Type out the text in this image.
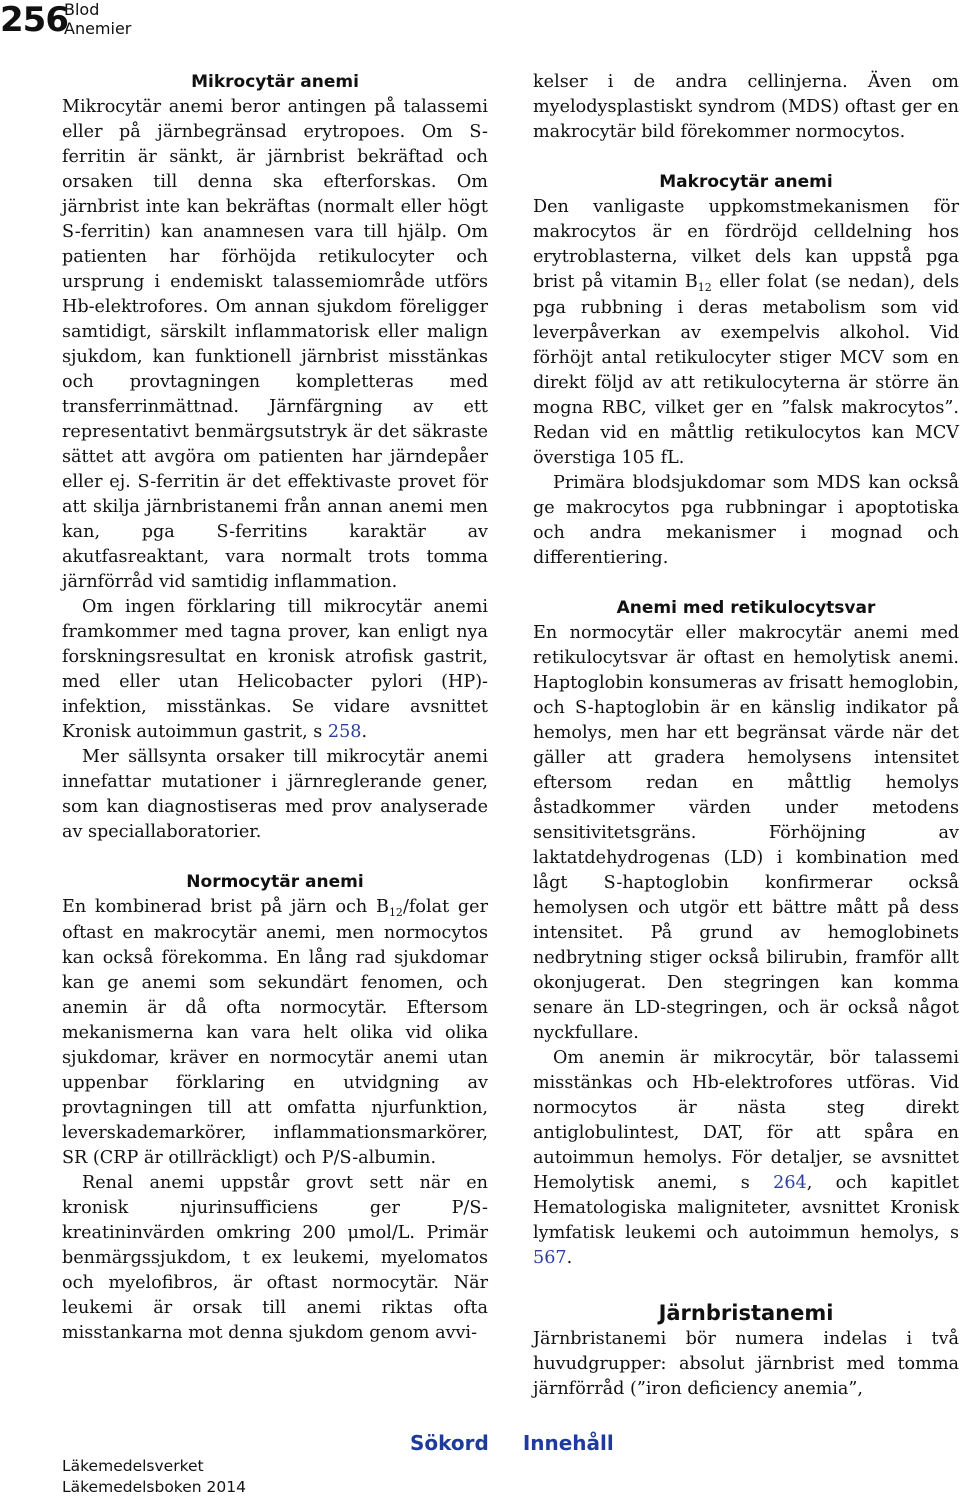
256
Blod
Anemier
Mikrocytär anemi

Mikrocytär anemi beror antingen på talassemi eller på järnbegränsad erytropoes. Om S-ferritin är sänkt, är järnbrist bekräftad och orsaken till denna ska efterforskas. Om järnbrist inte kan bekräftas (normalt eller högt S-ferritin) kan anamnesen vara till hjälp. Om patienten har förhöjda retikulocyter och ursprung i endemiskt talassemiområde utförs Hb-elektrofores. Om annan sjukdom föreligger samtidigt, särskilt inflammatorisk eller malign sjukdom, kan funktionell järnbrist misstänkas och provtagningen kompletteras med transferrinmättnad. Järnfärgning av ett representativt benmärgsutstryk är det säkraste sättet att avgöra om patienten har järndepåer eller ej. S-ferritin är det effektivaste provet för att skilja järnbristanemi från annan anemi men kan, pga S-ferritins karaktär av akutfasreaktant, vara normalt trots tomma järnförråd vid samtidig inflammation.

Om ingen förklaring till mikrocytär anemi framkommer med tagna prover, kan enligt nya forskningsresultat en kronisk atrofisk gastrit, med eller utan Helicobacter pylori (HP)-infektion, misstänkas. Se vidare avsnittet Kronisk autoimmun gastrit, s 258.

Mer sällsynta orsaker till mikrocytär anemi innefattar mutationer i järnreglerande gener, som kan diagnostiseras med prov analyserade av speciallaboratorier.

Normocytär anemi

En kombinerad brist på järn och $B_{12}$/folat ger oftast en makrocytär anemi, men normocytos kan också förekomma. En lång rad sjukdomar kan ge anemi som sekundärt fenomen, och anemin är då ofta normocytär. Eftersom mekanismerna kan vara helt olika vid olika sjukdomar, kräver en normocytär anemi utan uppenbar förklaring en utvidgning av provtagningen till att omfatta njurfunktion, leverskademarkörer, inflammationsmarkörer, SR (CRP är otillräckligt) och P/S-albumin.

Renal anemi uppstår grovt sett när en kronisk njurinsufficiens ger P/S-kreatininvärden omkring 200 μmol/L. Primär benmärgssjukdom, t ex leukemi, myelomatos och myelofibros, är oftast normocytär. När leukemi är orsak till anemi riktas ofta misstankarna mot denna sjukdom genom avvi-

kelser i de andra cellinjerna. Även om myelodysplastiskt syndrom (MDS) oftast ger en makrocytär bild förekommer normocytos.

Makrocytär anemi

Den vanligaste uppkomstmekanismen för makrocytos är en fördröjd celldelning hos erytroblasterna, vilket dels kan uppstå pga brist på vitamin $B_{12}$ eller folat (se nedan), dels pga rubbning i deras metabolism som vid leverpåverkan av exempelvis alkohol. Vid förhöjt antal retikulocyter stiger MCV som en direkt följd av att retikulocyterna är större än mogna RBC, vilket ger en ”falsk makrocytos”. Redan vid en måttlig retikulocytos kan MCV överstiga 105 fL.

Primära blodsjukdomar som MDS kan också ge makrocytos pga rubbningar i apoptotiska och andra mekanismer i mognad och differentiering.

Anemi med retikulocytsvar

En normocytär eller makrocytär anemi med retikulocytsvar är oftast en hemolytisk anemi. Haptoglobin konsumeras av frisatt hemoglobin, och S-haptoglobin är en känslig indikator på hemolys, men har ett begränsat värde när det gäller att gradera hemolysens intensitet eftersom redan en måttlig hemolys åstadkommer värden under metodens sensitivitetsgräns. Förhöjning av laktatdehydrogenas (LD) i kombination med lågt S-haptoglobin konfirmerar också hemolysen och utgör ett bättre mått på dess intensitet. På grund av hemoglobinets nedbrytning stiger också bilirubin, framför allt okonjugerat. Den stegringen kan komma senare än LD-stegringen, och är också något nyckfullare.

Om anemin är mikrocytär, bör talassemi misstänkas och Hb-elektrofores utföras. Vid normocytos är nästa steg direkt antiglobulintest, DAT, för att spåra en autoimmun hemolys. För detaljer, se avsnittet Hemolytisk anemi, s 264, och kapitlet Hematologiska maligniteter, avsnittet Kronisk lymfatisk leukemi och autoimmun hemolys, s 567.

Järnbristanemi

Järnbristanemi bör numera indelas i två huvudgrupper: absolut järnbrist med tomma järnförråd (”iron deficiency anemia”,

Sökord Innehåll
Läkemedelsverket
Läkemedelsboken 2014
